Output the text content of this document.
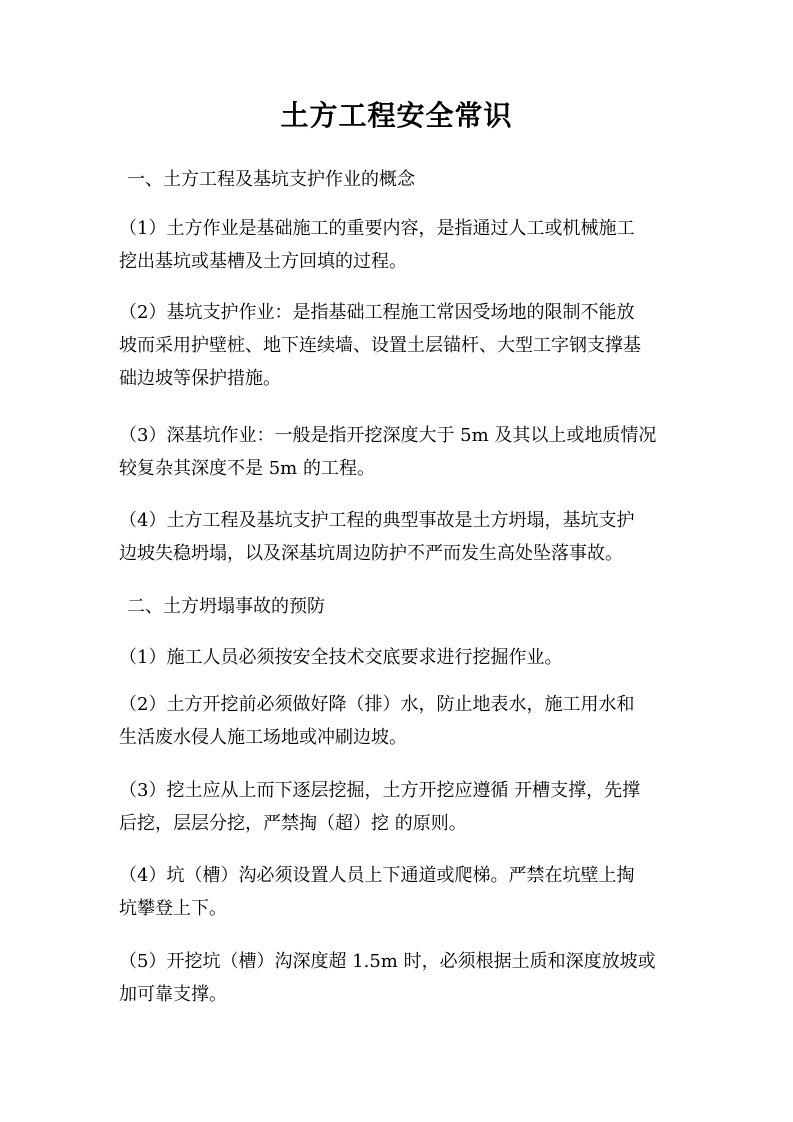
土方工程安全常识

一、土方工程及基坑支护作业的概念

（1）土方作业是基础施工的重要内容，是指通过人工或机械施工
挖出基坑或基槽及土方回填的过程。

（2）基坑支护作业：是指基础工程施工常因受场地的限制不能放
坡而采用护壁桩、地下连续墙、设置土层锚杆、大型工字钢支撑基
础边坡等保护措施。

（3）深基坑作业：一般是指开挖深度大于 5m 及其以上或地质情况
较复杂其深度不是 5m 的工程。

（4）土方工程及基坑支护工程的典型事故是土方坍塌，基坑支护
边坡失稳坍塌，以及深基坑周边防护不严而发生高处坠落事故。

二、土方坍塌事故的预防

（1）施工人员必须按安全技术交底要求进行挖掘作业。

（2）土方开挖前必须做好降（排）水，防止地表水，施工用水和
生活废水侵人施工场地或冲刷边坡。

（3）挖土应从上而下逐层挖掘，土方开挖应遵循 开槽支撑，先撑
后挖，层层分挖，严禁掏（超）挖 的原则。

（4）坑（槽）沟必须设置人员上下通道或爬梯。严禁在坑壁上掏
坑攀登上下。

（5）开挖坑（槽）沟深度超 1.5m 时，必须根据土质和深度放坡或
加可靠支撑。
